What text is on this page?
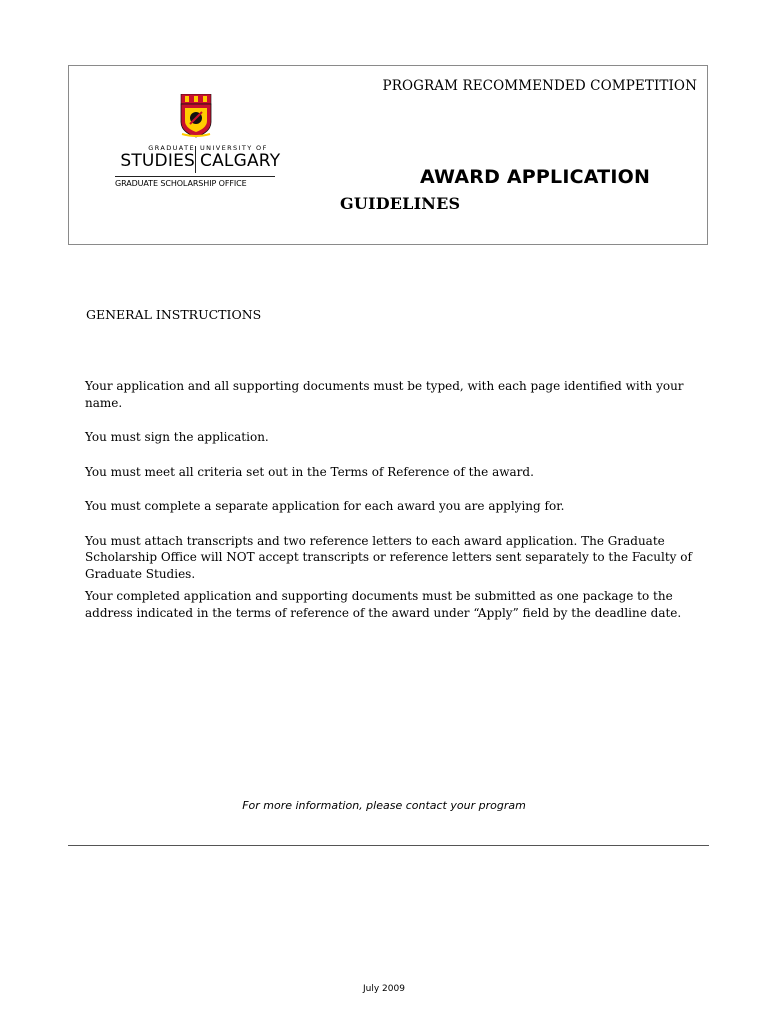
PROGRAM RECOMMENDED COMPETITION
GRADUATE
STUDIES
UNIVERSITY OF
CALGARY
GRADUATE SCHOLARSHIP OFFICE	AWARD APPLICATION
GUIDELINES
GENERAL INSTRUCTIONS

Your application and all supporting documents must be typed, with each page identified with your name.

You must sign the application.

You must meet all criteria set out in the Terms of Reference of the award.

You must complete a separate application for each award you are applying for.

You must attach transcripts and two reference letters to each award application. The Graduate Scholarship Office will NOT accept transcripts or reference letters sent separately to the Faculty of Graduate Studies.

Your completed application and supporting documents must be submitted as one package to the address indicated in the terms of reference of the award under “Apply” field by the deadline date.

For more information, please contact your program
July 2009
